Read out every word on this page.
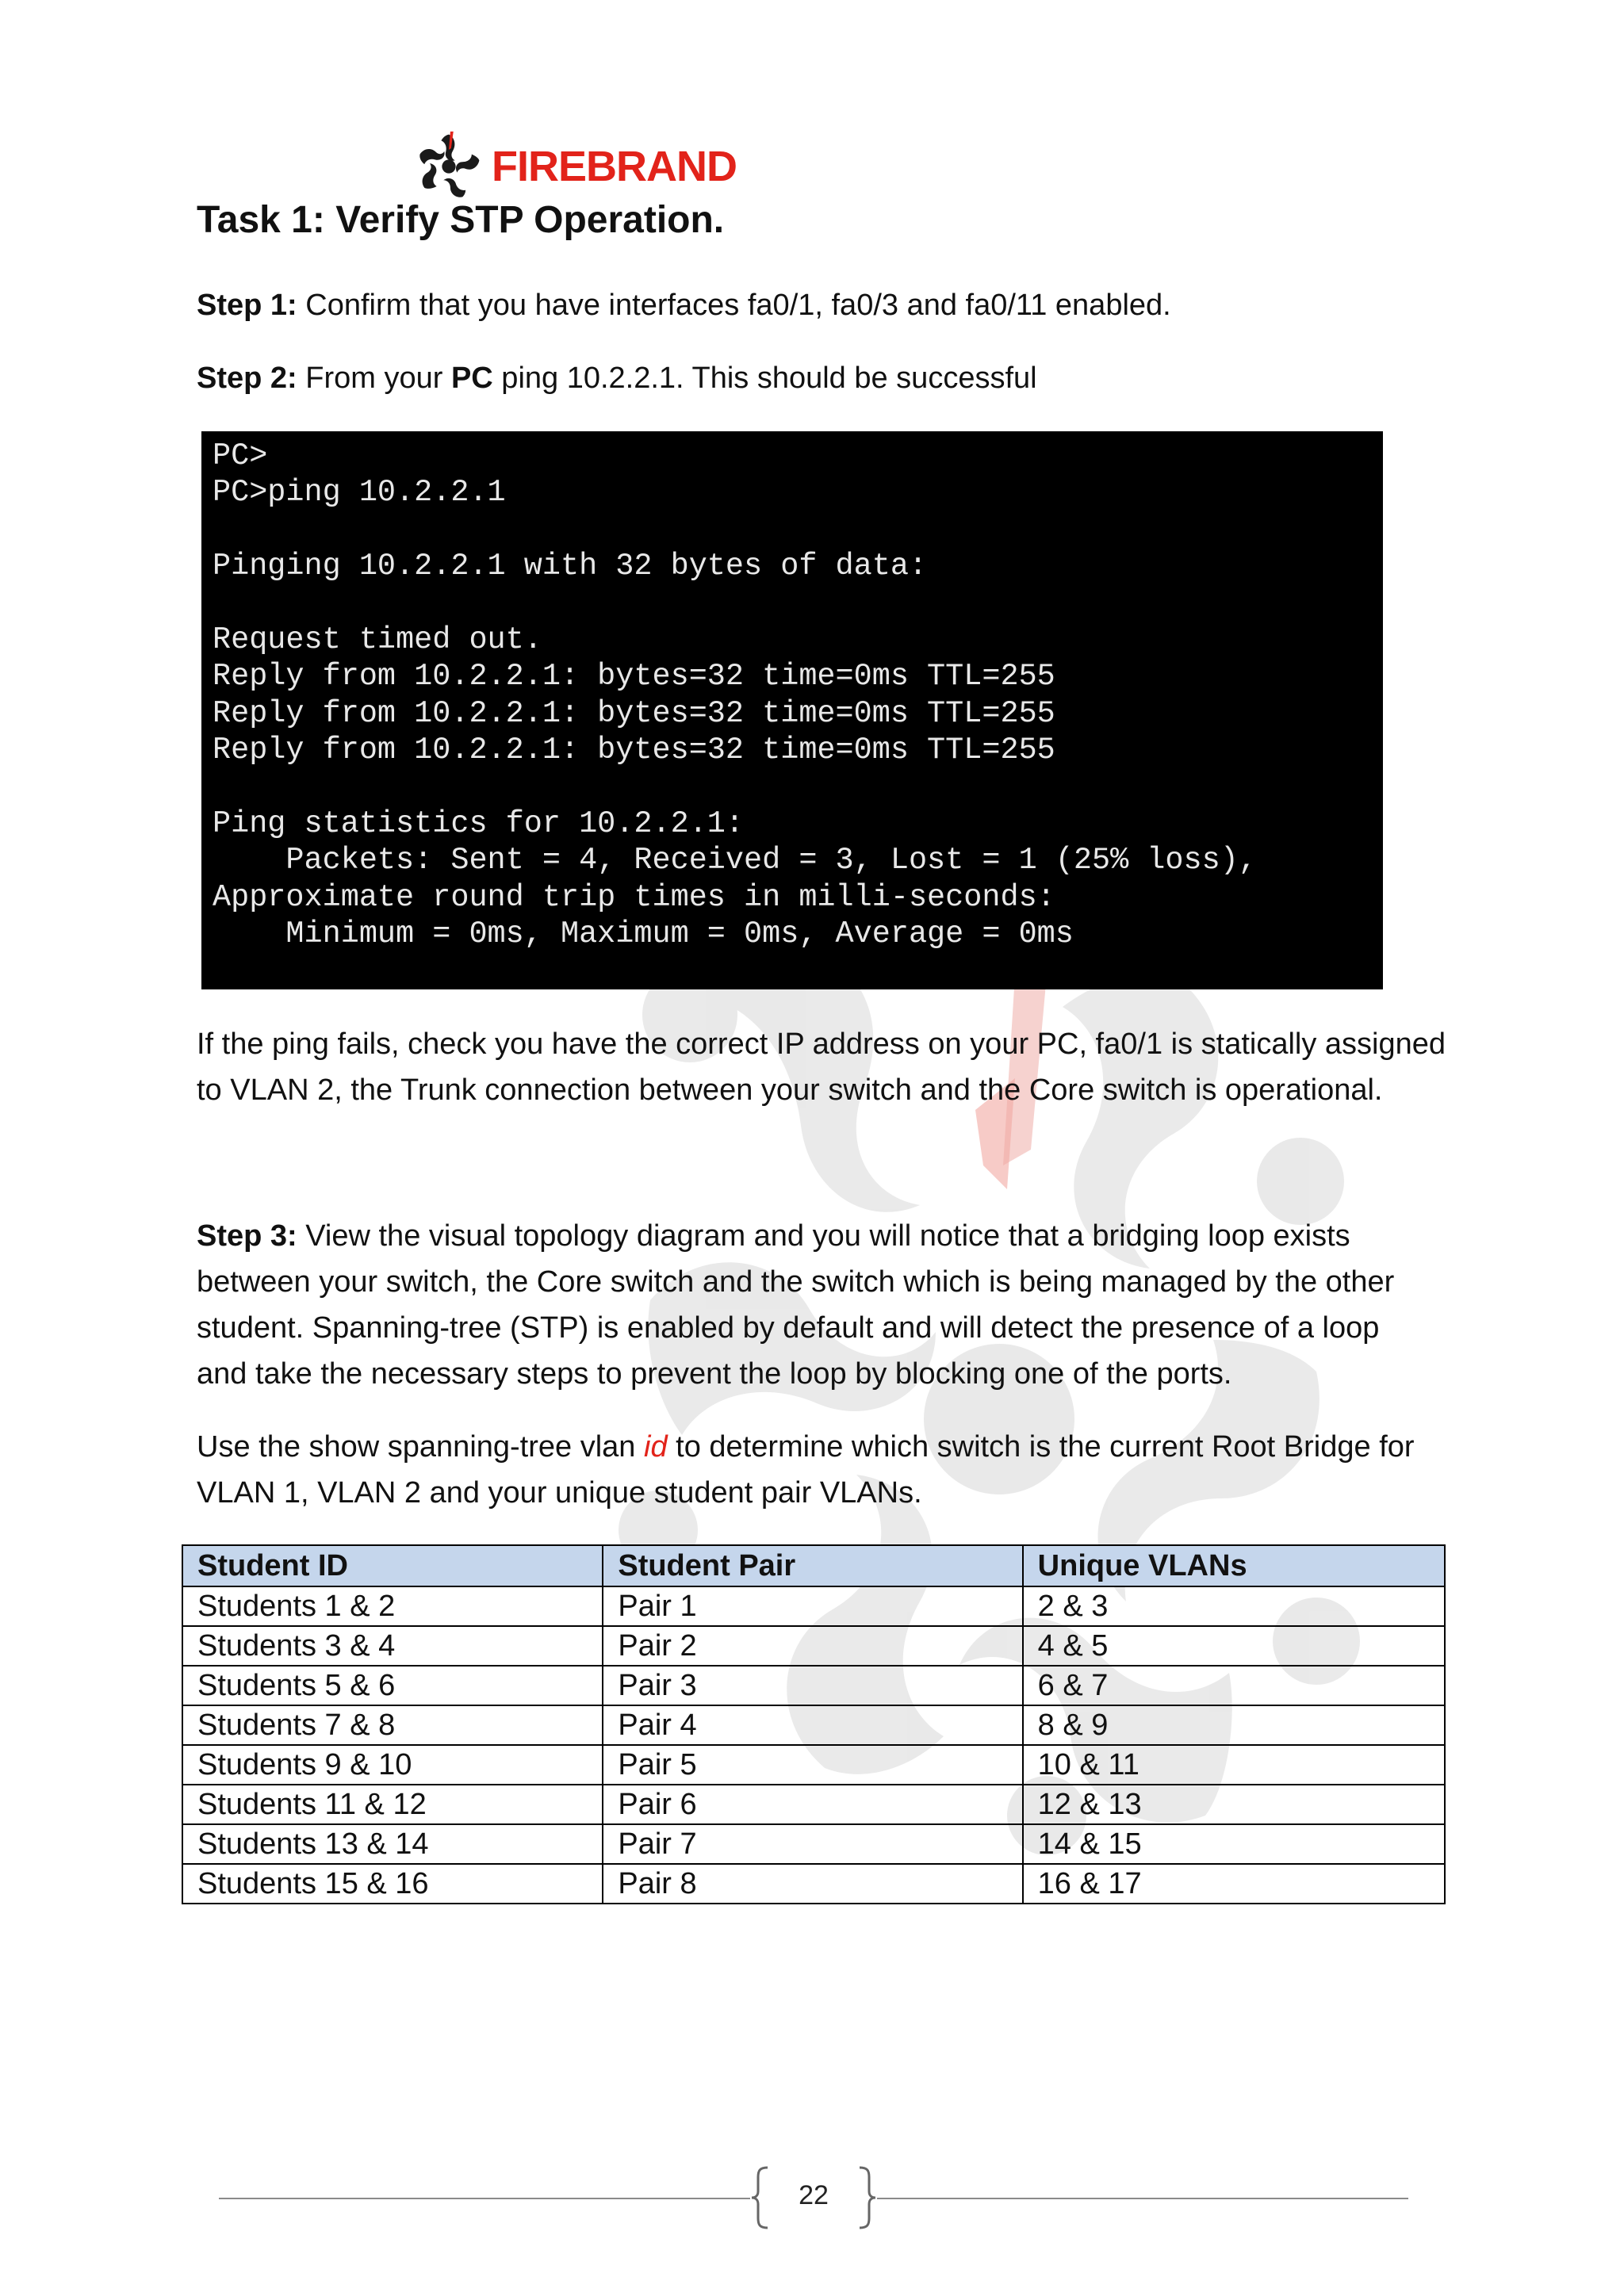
FIREBRAND
Task 1: Verify STP Operation.

Step 1: Confirm that you have interfaces fa0/1, fa0/3 and fa0/11 enabled.

Step 2: From your PC ping 10.2.2.1. This should be successful

If the ping fails, check you have the correct IP address on your PC, fa0/1 is statically assigned
to VLAN 2, the Trunk connection between your switch and the Core switch is operational.

Step 3: View the visual topology diagram and you will notice that a bridging loop exists
between your switch, the Core switch and the switch which is being managed by the other
student. Spanning-tree (STP) is enabled by default and will detect the presence of a loop
and take the necessary steps to prevent the loop by blocking one of the ports.

Use the show spanning-tree vlan id to determine which switch is the current Root Bridge for
VLAN 1, VLAN 2 and your unique student pair VLANs.

PC>
PC>ping 10.2.2.1
Pinging 10.2.2.1 with 32 bytes of data:
Request timed out.
Reply from 10.2.2.1: bytes=32 time=0ms TTL=255
Reply from 10.2.2.1: bytes=32 time=0ms TTL=255
Reply from 10.2.2.1: bytes=32 time=0ms TTL=255
Ping statistics for 10.2.2.1:
Packets: Sent = 4, Received = 3, Lost = 1 (25% loss),
Approximate round trip times in milli-seconds:
Minimum = 0ms, Maximum = 0ms, Average = 0ms
Student ID	Student Pair	Unique VLANs
Students 1 & 2	Pair 1	2 & 3
Students 3 & 4	Pair 2	4 & 5
Students 5 & 6	Pair 3	6 & 7
Students 7 & 8	Pair 4	8 & 9
Students 9 & 10	Pair 5	10 & 11
Students 11 & 12	Pair 6	12 & 13
Students 13 & 14	Pair 7	14 & 15
Students 15 & 16	Pair 8	16 & 17
22
